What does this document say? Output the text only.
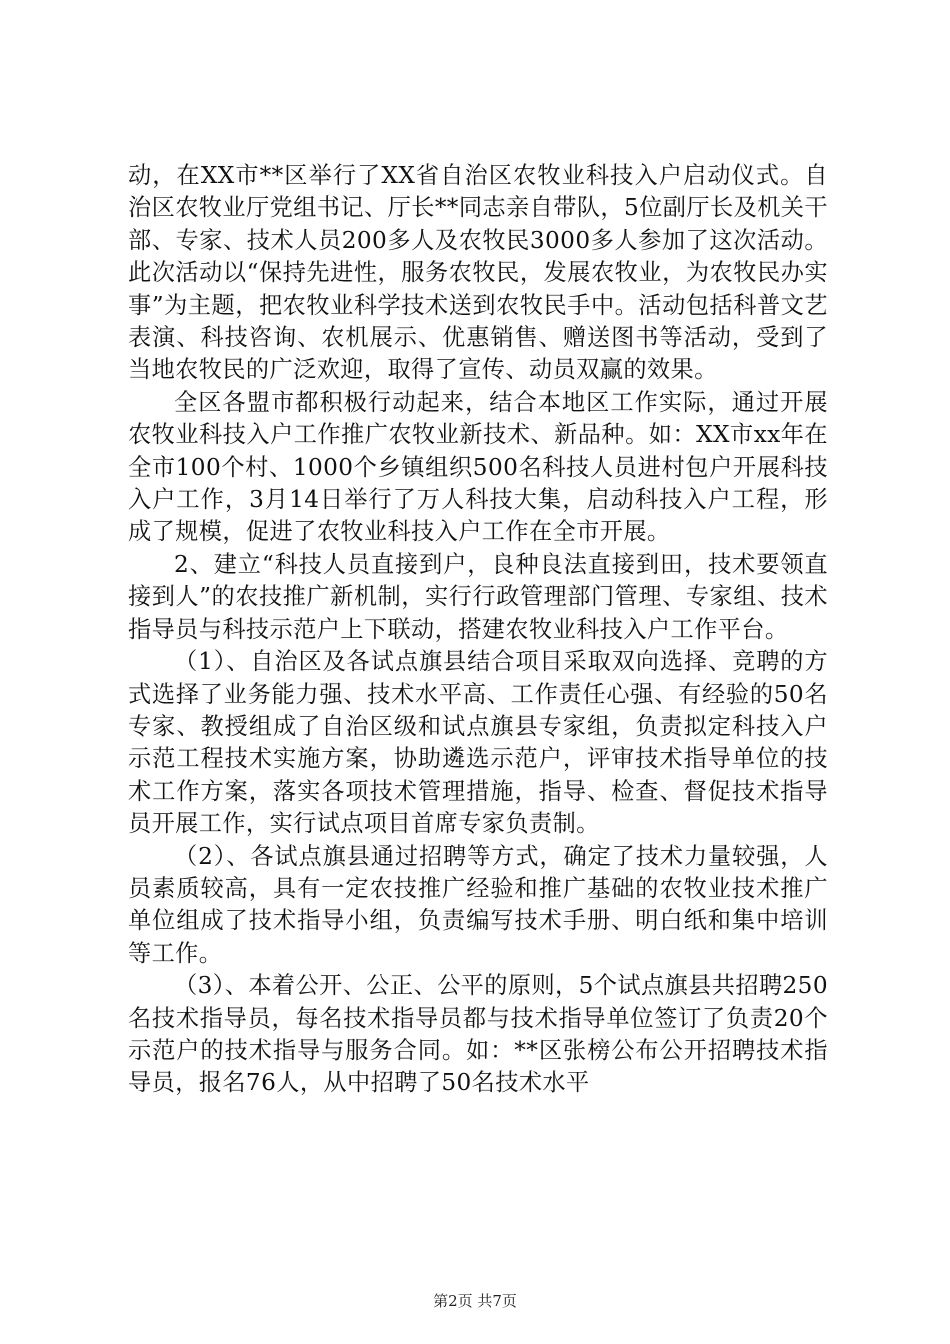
动，在XX市**区举行了XX省自治区农牧业科技入户启动仪式。自治区农牧业厅党组书记、厅长**同志亲自带队，5位副厅长及机关干部、专家、技术人员200多人及农牧民3000多人参加了这次活动。此次活动以“保持先进性，服务农牧民，发展农牧业，为农牧民办实事”为主题，把农牧业科学技术送到农牧民手中。活动包括科普文艺表演、科技咨询、农机展示、优惠销售、赠送图书等活动，受到了当地农牧民的广泛欢迎，取得了宣传、动员双赢的效果。

全区各盟市都积极行动起来，结合本地区工作实际，通过开展农牧业科技入户工作推广农牧业新技术、新品种。如：XX市xx年在全市100个村、1000个乡镇组织500名科技人员进村包户开展科技入户工作，3月14日举行了万人科技大集，启动科技入户工程，形成了规模，促进了农牧业科技入户工作在全市开展。

2、建立“科技人员直接到户，良种良法直接到田，技术要领直接到人”的农技推广新机制，实行行政管理部门管理、专家组、技术指导员与科技示范户上下联动，搭建农牧业科技入户工作平台。

（1）、自治区及各试点旗县结合项目采取双向选择、竞聘的方式选择了业务能力强、技术水平高、工作责任心强、有经验的50名专家、教授组成了自治区级和试点旗县专家组，负责拟定科技入户示范工程技术实施方案，协助遴选示范户，评审技术指导单位的技术工作方案，落实各项技术管理措施，指导、检查、督促技术指导员开展工作，实行试点项目首席专家负责制。

（2）、各试点旗县通过招聘等方式，确定了技术力量较强，人员素质较高，具有一定农技推广经验和推广基础的农牧业技术推广单位组成了技术指导小组，负责编写技术手册、明白纸和集中培训等工作。

（3）、本着公开、公正、公平的原则，5个试点旗县共招聘250名技术指导员，每名技术指导员都与技术指导单位签订了负责20个示范户的技术指导与服务合同。如：**区张榜公布公开招聘技术指导员，报名76人，从中招聘了50名技术水平

第2页 共7页
